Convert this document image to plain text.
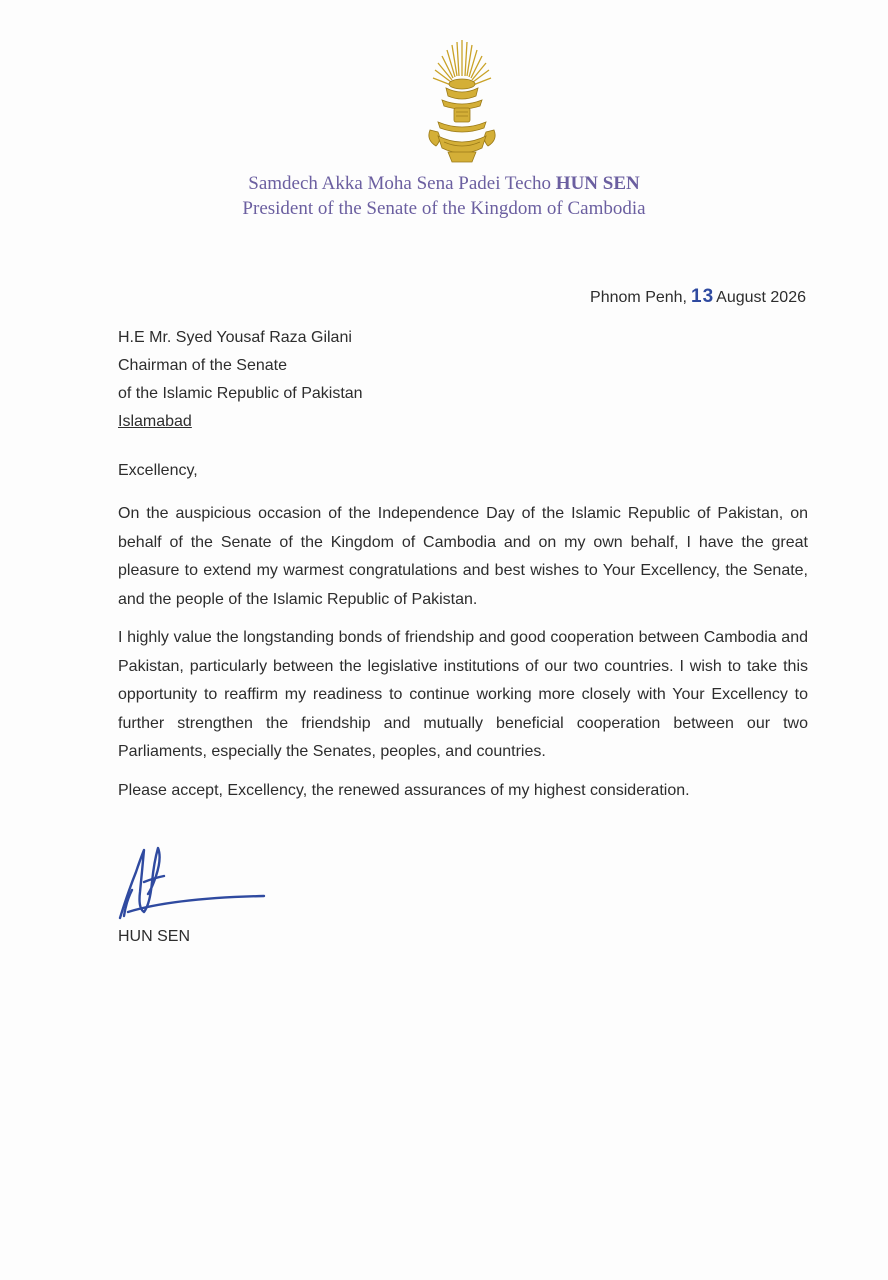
Samdech Akka Moha Sena Padei Techo HUN SEN
President of the Senate of the Kingdom of Cambodia
Phnom Penh, 13 August 2026
H.E Mr. Syed Yousaf Raza Gilani
Chairman of the Senate
of the Islamic Republic of Pakistan
Islamabad
Excellency,

On the auspicious occasion of the Independence Day of the Islamic Republic of Pakistan, on behalf of the Senate of the Kingdom of Cambodia and on my own behalf, I have the great pleasure to extend my warmest congratulations and best wishes to Your Excellency, the Senate, and the people of the Islamic Republic of Pakistan.

I highly value the longstanding bonds of friendship and good cooperation between Cambodia and Pakistan, particularly between the legislative institutions of our two countries. I wish to take this opportunity to reaffirm my readiness to continue working more closely with Your Excellency to further strengthen the friendship and mutually beneficial cooperation between our two Parliaments, especially the Senates, peoples, and countries.

Please accept, Excellency, the renewed assurances of my highest consideration.

HUN SEN
